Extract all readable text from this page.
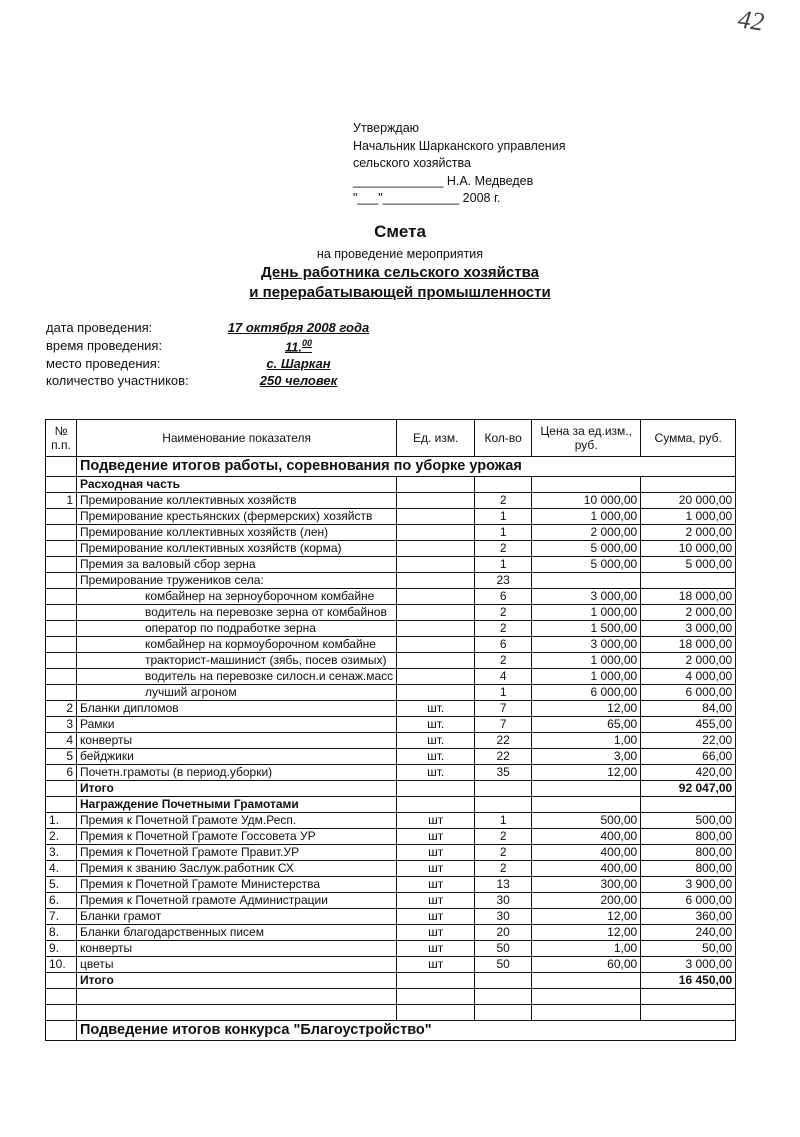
42
Утверждаю
Начальник Шарканского управления
сельского хозяйства
_____________ Н.А. Медведев
"___"___________ 2008 г.
Смета
на проведение мероприятия
День работника сельского хозяйства
и перерабатывающей промышленности
дата проведения:	17 октября 2008 года
время проведения:	11.00
место проведения:	с. Шаркан
количество участников:	250 человек
№ п.п.	Наименование показателя	Ед. изм.	Кол-во	Цена за ед.изм., руб.	Сумма, руб.
	Подведение итогов работы, соревнования по уборке урожая				
	Расходная часть				
1	Премирование коллективных хозяйств		2	10 000,00	20 000,00
	Премирование крестьянских (фермерских) хозяйств		1	1 000,00	1 000,00
	Премирование коллективных хозяйств (лен)		1	2 000,00	2 000,00
	Премирование коллективных хозяйств (корма)		2	5 000,00	10 000,00
	Премия за валовый сбор зерна		1	5 000,00	5 000,00
	Премирование тружеников села:		23		
	комбайнер на зерноуборочном комбайне		6	3 000,00	18 000,00
	водитель на перевозке зерна от комбайнов		2	1 000,00	2 000,00
	оператор по подработке зерна		2	1 500,00	3 000,00
	комбайнер на кормоуборочном комбайне		6	3 000,00	18 000,00
	тракторист-машинист (зябь, посев озимых)		2	1 000,00	2 000,00
	водитель на перевозке силосн.и сенаж.масс		4	1 000,00	4 000,00
	лучший агроном		1	6 000,00	6 000,00
2	Бланки дипломов	шт.	7	12,00	84,00
3	Рамки	шт.	7	65,00	455,00
4	конверты	шт.	22	1,00	22,00
5	бейджики	шт.	22	3,00	66,00
6	Почетн.грамоты (в период.уборки)	шт.	35	12,00	420,00
	Итого				92 047,00
	Награждение Почетными Грамотами				
1.	Премия к Почетной Грамоте Удм.Респ.	шт	1	500,00	500,00
2.	Премия к Почетной Грамоте Госсовета УР	шт	2	400,00	800,00
3.	Премия к Почетной Грамоте Правит.УР	шт	2	400,00	800,00
4.	Премия к званию Заслуж.работник СХ	шт	2	400,00	800,00
5.	Премия к Почетной Грамоте Министерства	шт	13	300,00	3 900,00
6.	Премия к Почетной грамоте Администрации	шт	30	200,00	6 000,00
7.	Бланки грамот	шт	30	12,00	360,00
8.	Бланки благодарственных писем	шт	20	12,00	240,00
9.	конверты	шт	50	1,00	50,00
10.	цветы	шт	50	60,00	3 000,00
	Итого				16 450,00

	Подведение итогов конкурса "Благоустройство"				
